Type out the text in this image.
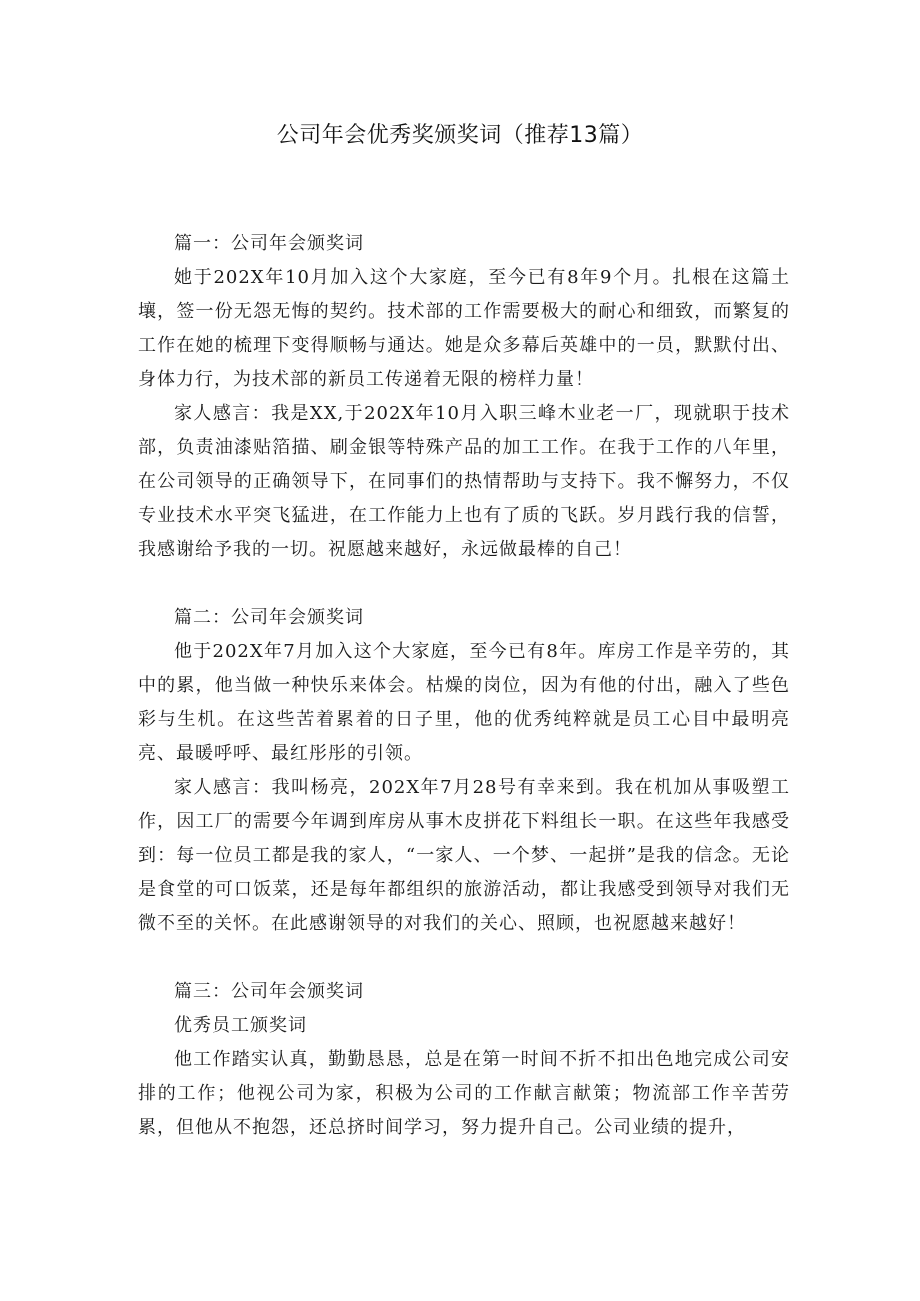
公司年会优秀奖颁奖词（推荐13篇）

篇一：公司年会颁奖词

她于202X年10月加入这个大家庭，至今已有8年9个月。扎根在这篇土壤，签一份无怨无悔的契约。技术部的工作需要极大的耐心和细致，而繁复的工作在她的梳理下变得顺畅与通达。她是众多幕后英雄中的一员，默默付出、身体力行，为技术部的新员工传递着无限的榜样力量！

家人感言：我是XX,于202X年10月入职三峰木业老一厂，现就职于技术部，负责油漆贴箔描、刷金银等特殊产品的加工工作。在我于工作的八年里，在公司领导的正确领导下，在同事们的热情帮助与支持下。我不懈努力，不仅专业技术水平突飞猛进，在工作能力上也有了质的飞跃。岁月践行我的信誓，我感谢给予我的一切。祝愿越来越好，永远做最棒的自己！

篇二：公司年会颁奖词

他于202X年7月加入这个大家庭，至今已有8年。库房工作是辛劳的，其中的累，他当做一种快乐来体会。枯燥的岗位，因为有他的付出，融入了些色彩与生机。在这些苦着累着的日子里，他的优秀纯粹就是员工心目中最明亮亮、最暖呼呼、最红彤彤的引领。

家人感言：我叫杨亮，202X年7月28号有幸来到。我在机加从事吸塑工作，因工厂的需要今年调到库房从事木皮拼花下料组长一职。在这些年我感受到：每一位员工都是我的家人，“一家人、一个梦、一起拼”是我的信念。无论是食堂的可口饭菜，还是每年都组织的旅游活动，都让我感受到领导对我们无微不至的关怀。在此感谢领导的对我们的关心、照顾，也祝愿越来越好！

篇三：公司年会颁奖词

优秀员工颁奖词

他工作踏实认真，勤勤恳恳，总是在第一时间不折不扣出色地完成公司安排的工作；他视公司为家，积极为公司的工作献言献策；物流部工作辛苦劳累，但他从不抱怨，还总挤时间学习，努力提升自己。公司业绩的提升，
